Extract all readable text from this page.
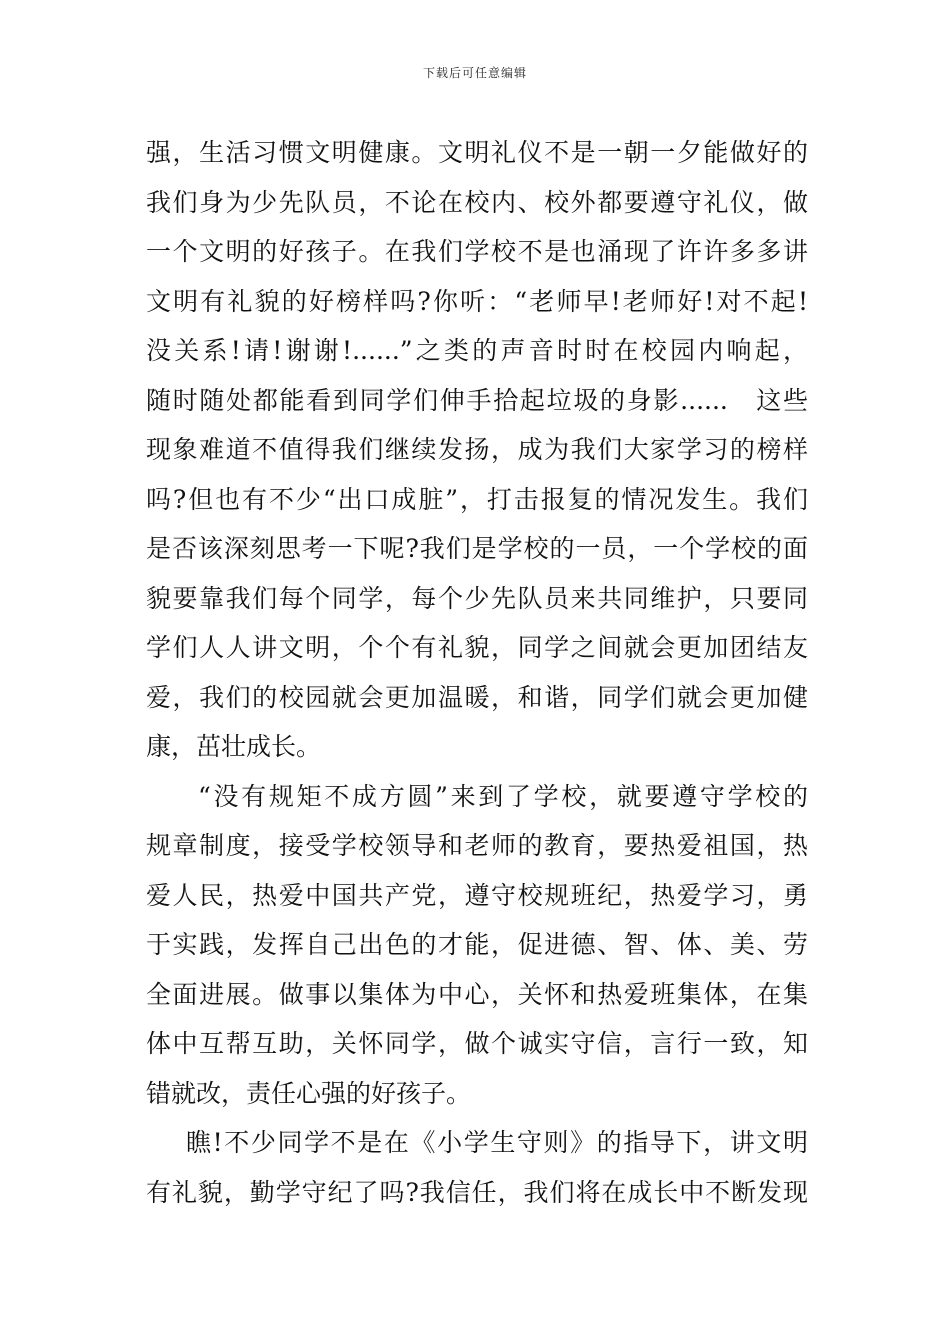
下载后可任意编辑
强，生活习惯文明健康。文明礼仪不是一朝一夕能做好的
我们身为少先队员，不论在校内、校外都要遵守礼仪，做
一个文明的好孩子。在我们学校不是也涌现了许许多多讲
文明有礼貌的好榜样吗?你听：“老师早!老师好!对不起!
没关系!请!谢谢!......”之类的声音时时在校园内响起，
随时随处都能看到同学们伸手拾起垃圾的身影......　这些
现象难道不值得我们继续发扬，成为我们大家学习的榜样
吗?但也有不少“出口成脏”，打击报复的情况发生。我们
是否该深刻思考一下呢?我们是学校的一员，一个学校的面
貌要靠我们每个同学，每个少先队员来共同维护，只要同
学们人人讲文明，个个有礼貌，同学之间就会更加团结友
爱，我们的校园就会更加温暖，和谐，同学们就会更加健
康，茁壮成长。
“没有规矩不成方圆”来到了学校，就要遵守学校的
规章制度，接受学校领导和老师的教育，要热爱祖国，热
爱人民，热爱中国共产党，遵守校规班纪，热爱学习，勇
于实践，发挥自己出色的才能，促进德、智、体、美、劳
全面进展。做事以集体为中心，关怀和热爱班集体，在集
体中互帮互助，关怀同学，做个诚实守信，言行一致，知
错就改，责任心强的好孩子。
瞧!不少同学不是在《小学生守则》的指导下，讲文明
有礼貌，勤学守纪了吗?我信任，我们将在成长中不断发现
